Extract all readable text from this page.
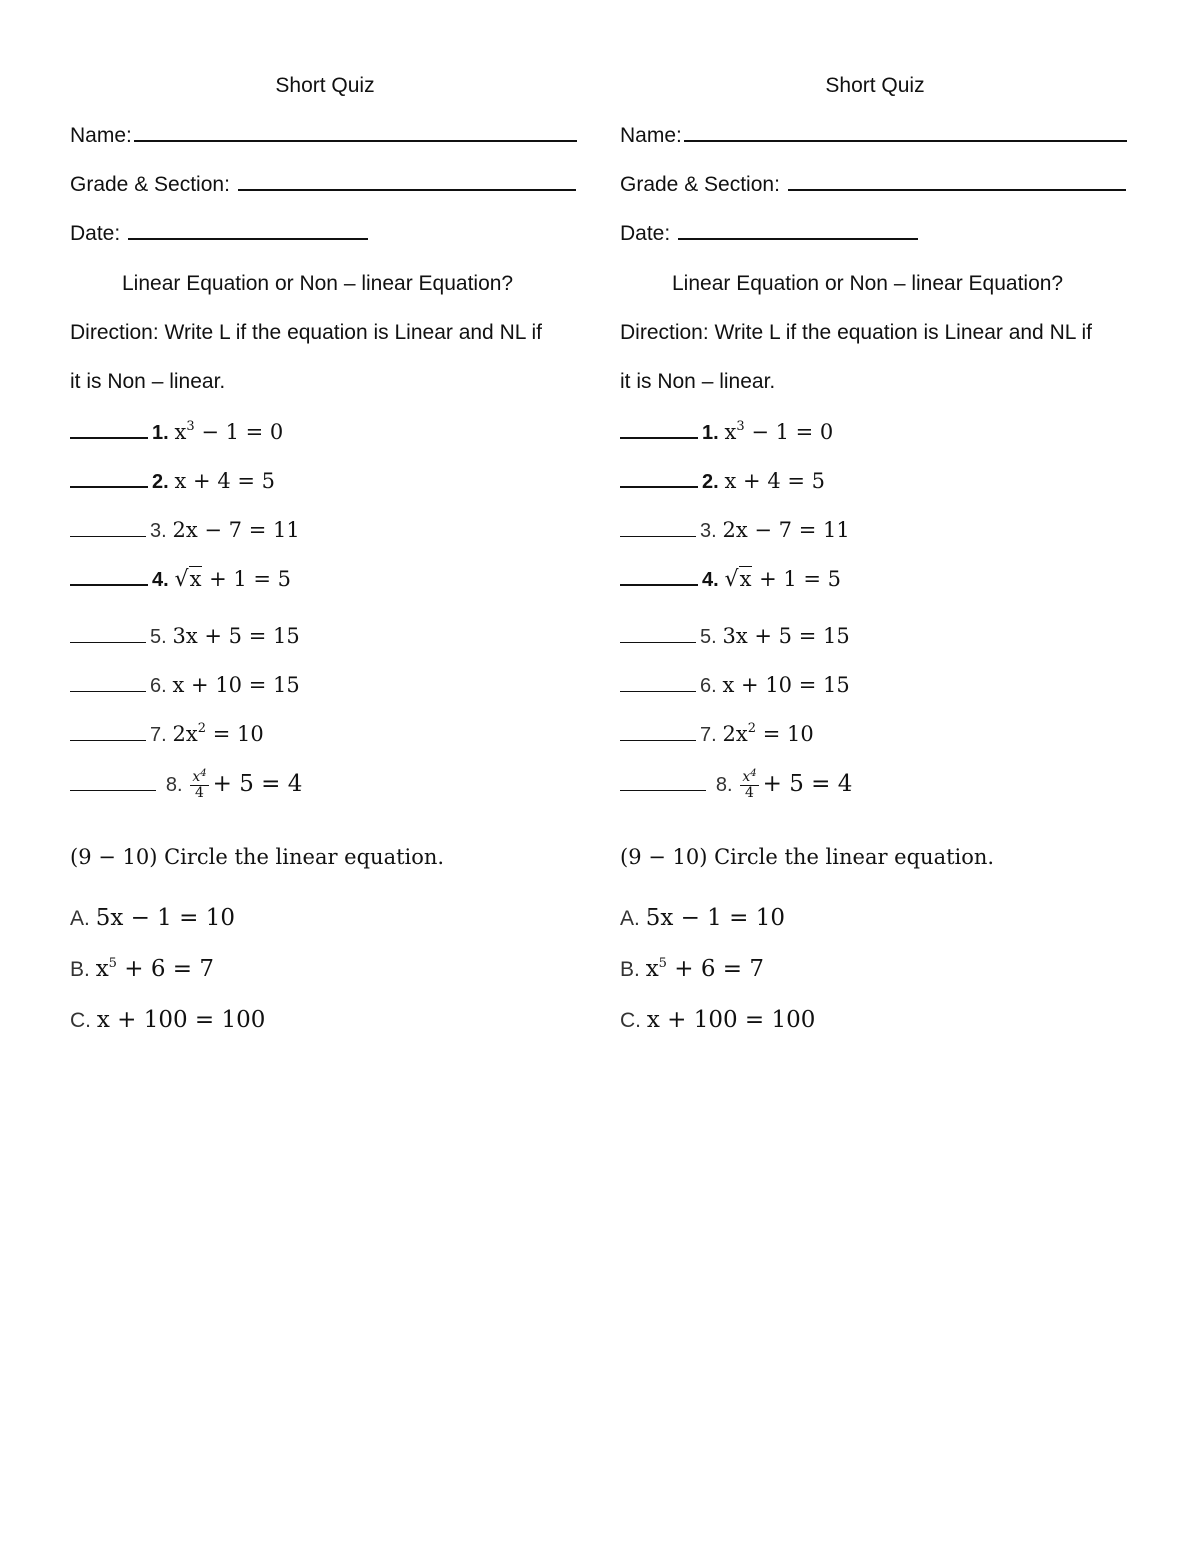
Short Quiz
Name:
Grade & Section:
Date:
Linear Equation or Non – linear Equation?
Direction: Write L if the equation is Linear and NL if
it is Non – linear.
1. $x^3 - 1 = 0$
2. x + 4 = 5
3. 2x − 7 = 11
4. √x + 1 = 5
5. 3x + 5 = 15
6. x + 10 = 15
7. $2x^2 = 10$
8. $\frac{x^4}{4} + 5 = 4$
(9 − 10) Circle the linear equation.
A. 5x − 1 = 10
B. $x^5 + 6 = 7$
C. x + 100 = 100
Short Quiz
Name:
Grade & Section:
Date:
Linear Equation or Non – linear Equation?
Direction: Write L if the equation is Linear and NL if
it is Non – linear.
1. $x^3 - 1 = 0$
2. x + 4 = 5
3. 2x − 7 = 11
4. √x + 1 = 5
5. 3x + 5 = 15
6. x + 10 = 15
7. $2x^2 = 10$
8. $\frac{x^4}{4} + 5 = 4$
(9 − 10) Circle the linear equation.
A. 5x − 1 = 10
B. $x^5 + 6 = 7$
C. x + 100 = 100
